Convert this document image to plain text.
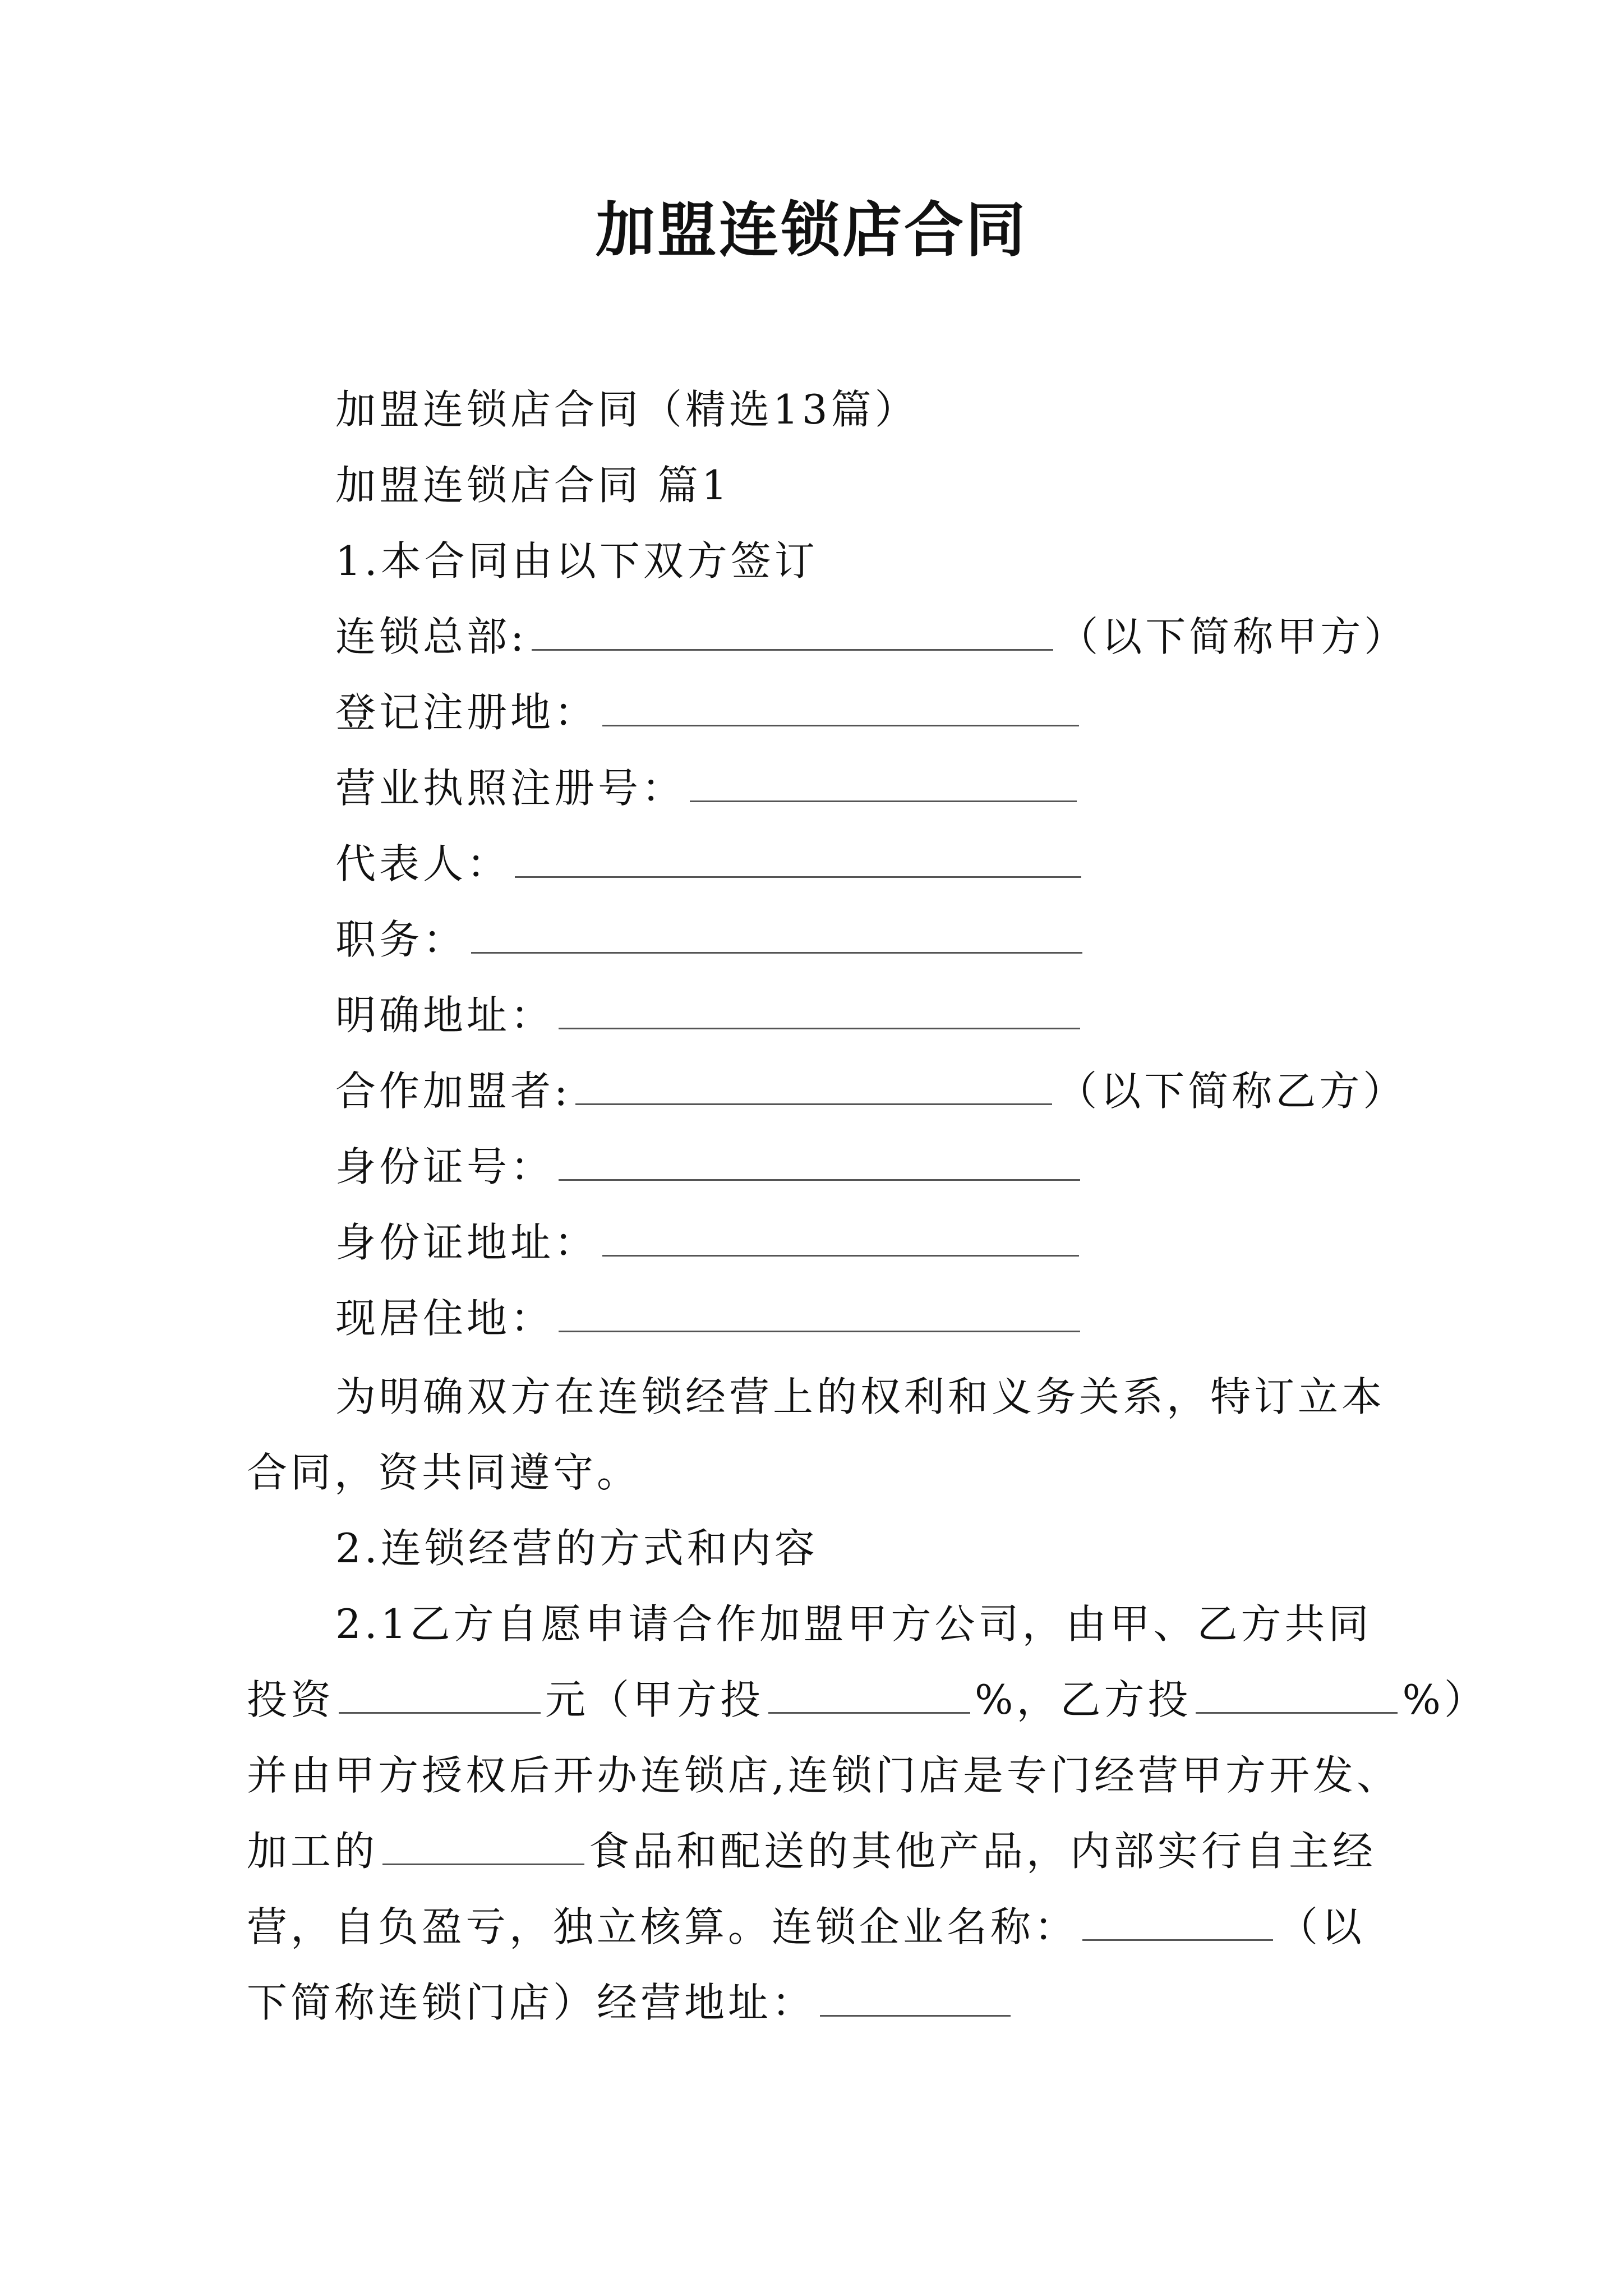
加盟连锁店合同
加盟连锁店合同（精选13篇）
加盟连锁店合同 篇1
1.本合同由以下双方签订
连锁总部:	（以下简称甲方）
登记注册地：
营业执照注册号：
代表人：
职务：
明确地址：
合作加盟者:	（以下简称乙方）
身份证号：
身份证地址：
现居住地：
为明确双方在连锁经营上的权利和义务关系，特订立本
合同，资共同遵守。
2.连锁经营的方式和内容
2.1乙方自愿申请合作加盟甲方公司，由甲、乙方共同
投资	元（甲方投	%，乙方投	%）
并由甲方授权后开办连锁店,连锁门店是专门经营甲方开发、
加工的	食品和配送的其他产品，内部实行自主经
营，自负盈亏，独立核算。连锁企业名称：	（以
下简称连锁门店）经营地址：
